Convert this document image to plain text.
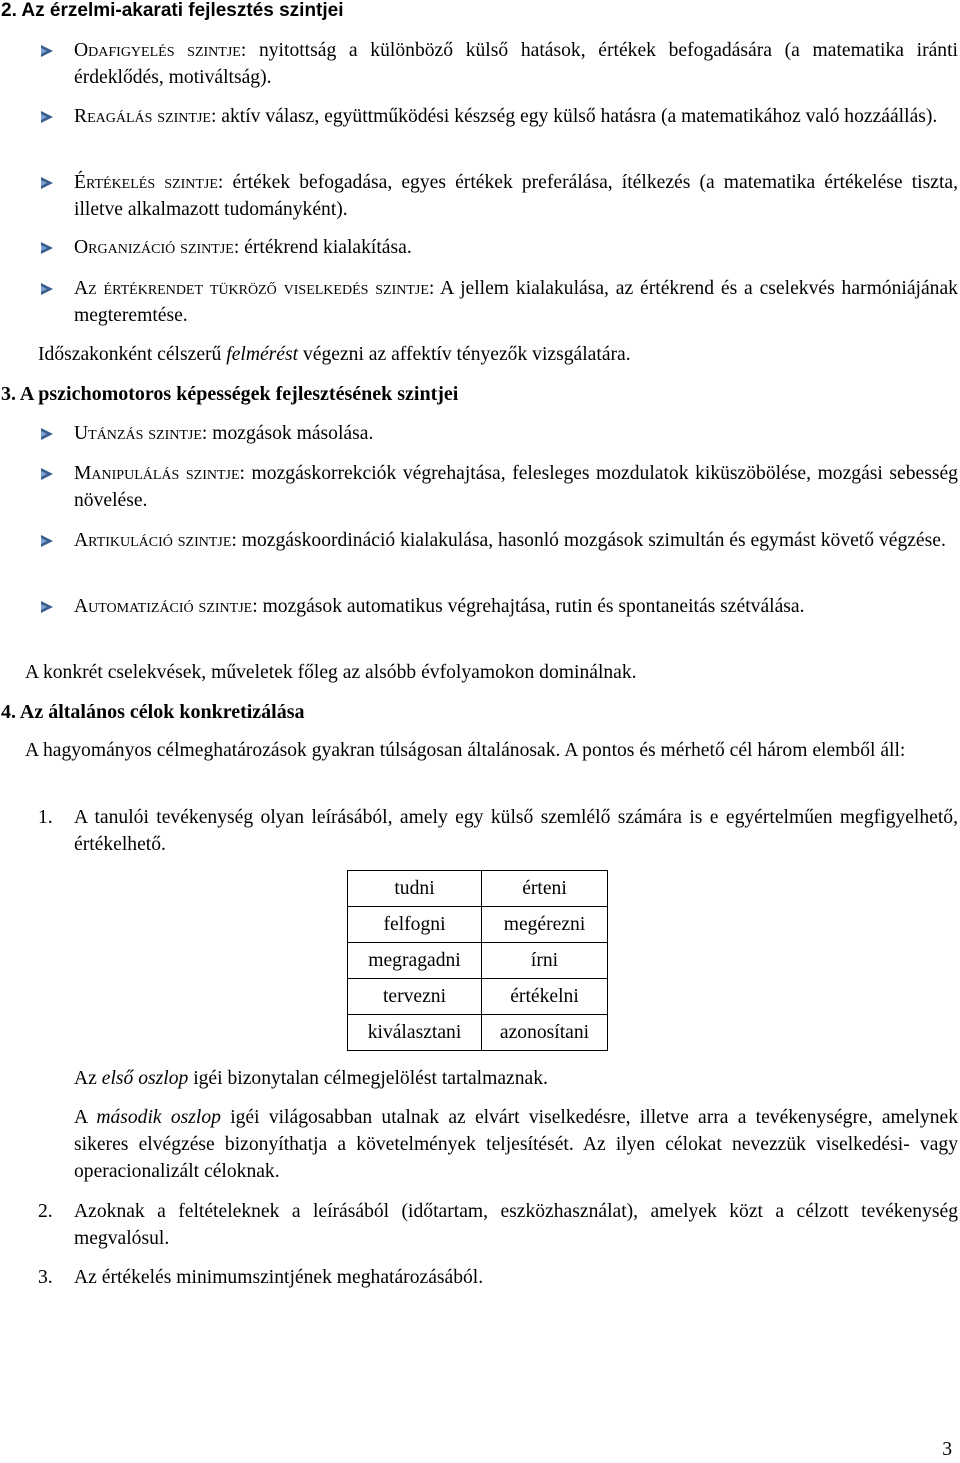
2. Az érzelmi-akarati fejlesztés szintjei
Odafigyelés szintje: nyitottság a különböző külső hatások, értékek befogadására (a matematika iránti érdeklődés, motiváltság).
Reagálás szintje: aktív válasz, együttműködési készség egy külső hatásra (a matematikához való hozzáállás).
Értékelés szintje: értékek befogadása, egyes értékek preferálása, ítélkezés (a matematika értékelése tiszta, illetve alkalmazott tudományként).
Organizáció szintje: értékrend kialakítása.
Az értékrendet tükröző viselkedés szintje: A jellem kialakulása, az értékrend és a cselekvés harmóniájának megteremtése.
Időszakonként célszerű felmérést végezni az affektív tényezők vizsgálatára.
3. A pszichomotoros képességek fejlesztésének szintjei
Utánzás szintje: mozgások másolása.
Manipulálás szintje: mozgáskorrekciók végrehajtása, felesleges mozdulatok kiküszöbölése, mozgási sebesség növelése.
Artikuláció szintje: mozgáskoordináció kialakulása, hasonló mozgások szimultán és egymást követő végzése.
Automatizáció szintje: mozgások automatikus végrehajtása, rutin és spontaneitás szétválása.
A konkrét cselekvések, műveletek főleg az alsóbb évfolyamokon dominálnak.
4. Az általános célok konkretizálása
A hagyományos célmeghatározások gyakran túlságosan általánosak. A pontos és mérhető cél három elemből áll:
1. A tanulói tevékenység olyan leírásából, amely egy külső szemlélő számára is e egyértelműen megfigyelhető, értékelhető.
tudni	érteni
felfogni	megérezni
megragadni	írni
tervezni	értékelni
kiválasztani	azonosítani
Az első oszlop igéi bizonytalan célmegjelölést tartalmaznak.
A második oszlop igéi világosabban utalnak az elvárt viselkedésre, illetve arra a tevékenységre, amelynek sikeres elvégzése bizonyíthatja a követelmények teljesítését. Az ilyen célokat nevezzük viselkedési- vagy operacionalizált céloknak.
2. Azoknak a feltételeknek a leírásából (időtartam, eszközhasználat), amelyek közt a célzott tevékenység megvalósul.
3. Az értékelés minimumszintjének meghatározásából.
3
